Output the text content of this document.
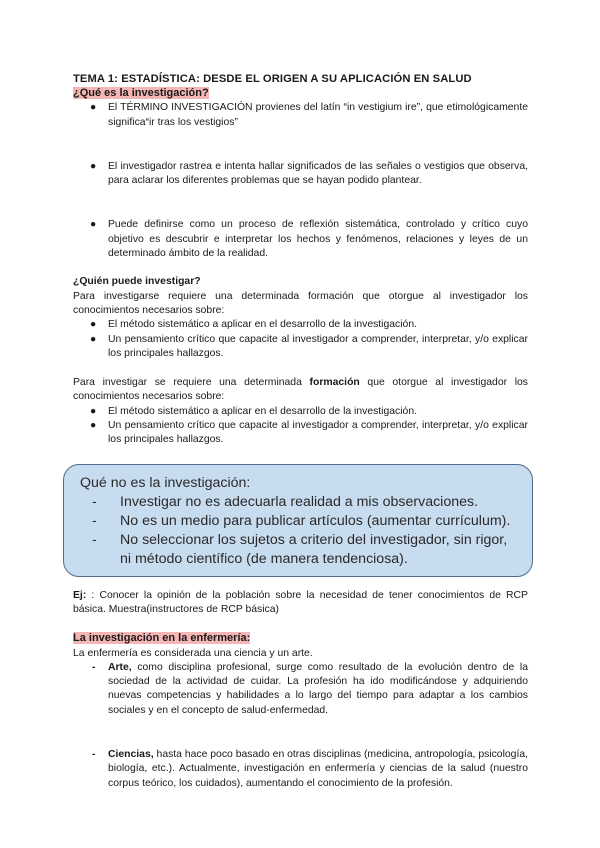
TEMA 1: ESTADÍSTICA: DESDE EL ORIGEN A SU APLICACIÓN EN SALUD
¿Qué es la investigación?
● El TÉRMINO INVESTIGACIÓN provienes del latín “in vestigium ire”, que etimológicamente significa“ir tras los vestigios”
● El investigador rastrea e intenta hallar significados de las señales o vestigios que observa, para aclarar los diferentes problemas que se hayan podido plantear.
● Puede definirse como un proceso de reflexión sistemática, controlado y crítico cuyo objetivo es descubrir e interpretar los hechos y fenómenos, relaciones y leyes de un determinado ámbito de la realidad.

¿Quién puede investigar?

Para investigarse requiere una determinada formación que otorgue al investigador los conocimientos necesarios sobre:

● El método sistemático a aplicar en el desarrollo de la investigación.
● Un pensamiento crítico que capacite al investigador a comprender, interpretar, y/o explicar los principales hallazgos.

Para investigar se requiere una determinada formación que otorgue al investigador los conocimientos necesarios sobre:

● El método sistemático a aplicar en el desarrollo de la investigación.
● Un pensamiento crítico que capacite al investigador a comprender, interpretar, y/o explicar los principales hallazgos.

Qué no es la investigación:

- Investigar no es adecuarla realidad a mis observaciones.
- No es un medio para publicar artículos (aumentar currículum).
- No seleccionar los sujetos a criterio del investigador, sin rigor, ni método científico (de manera tendenciosa).

Ej: : Conocer la opinión de la población sobre la necesidad de tener conocimientos de RCP básica. Muestra(instructores de RCP básica)

La investigación en la enfermería:

La enfermería es considerada una ciencia y un arte.

- Arte, como disciplina profesional, surge como resultado de la evolución dentro de la sociedad de la actividad de cuidar. La profesión ha ido modificándose y adquiriendo nuevas competencias y habilidades a lo largo del tiempo para adaptar a los cambios sociales y en el concepto de salud-enfermedad.
- Ciencias, hasta hace poco basado en otras disciplinas (medicina, antropología, psicología, biología, etc.). Actualmente, investigación en enfermería y ciencias de la salud (nuestro corpus teórico, los cuidados), aumentando el conocimiento de la profesión.
